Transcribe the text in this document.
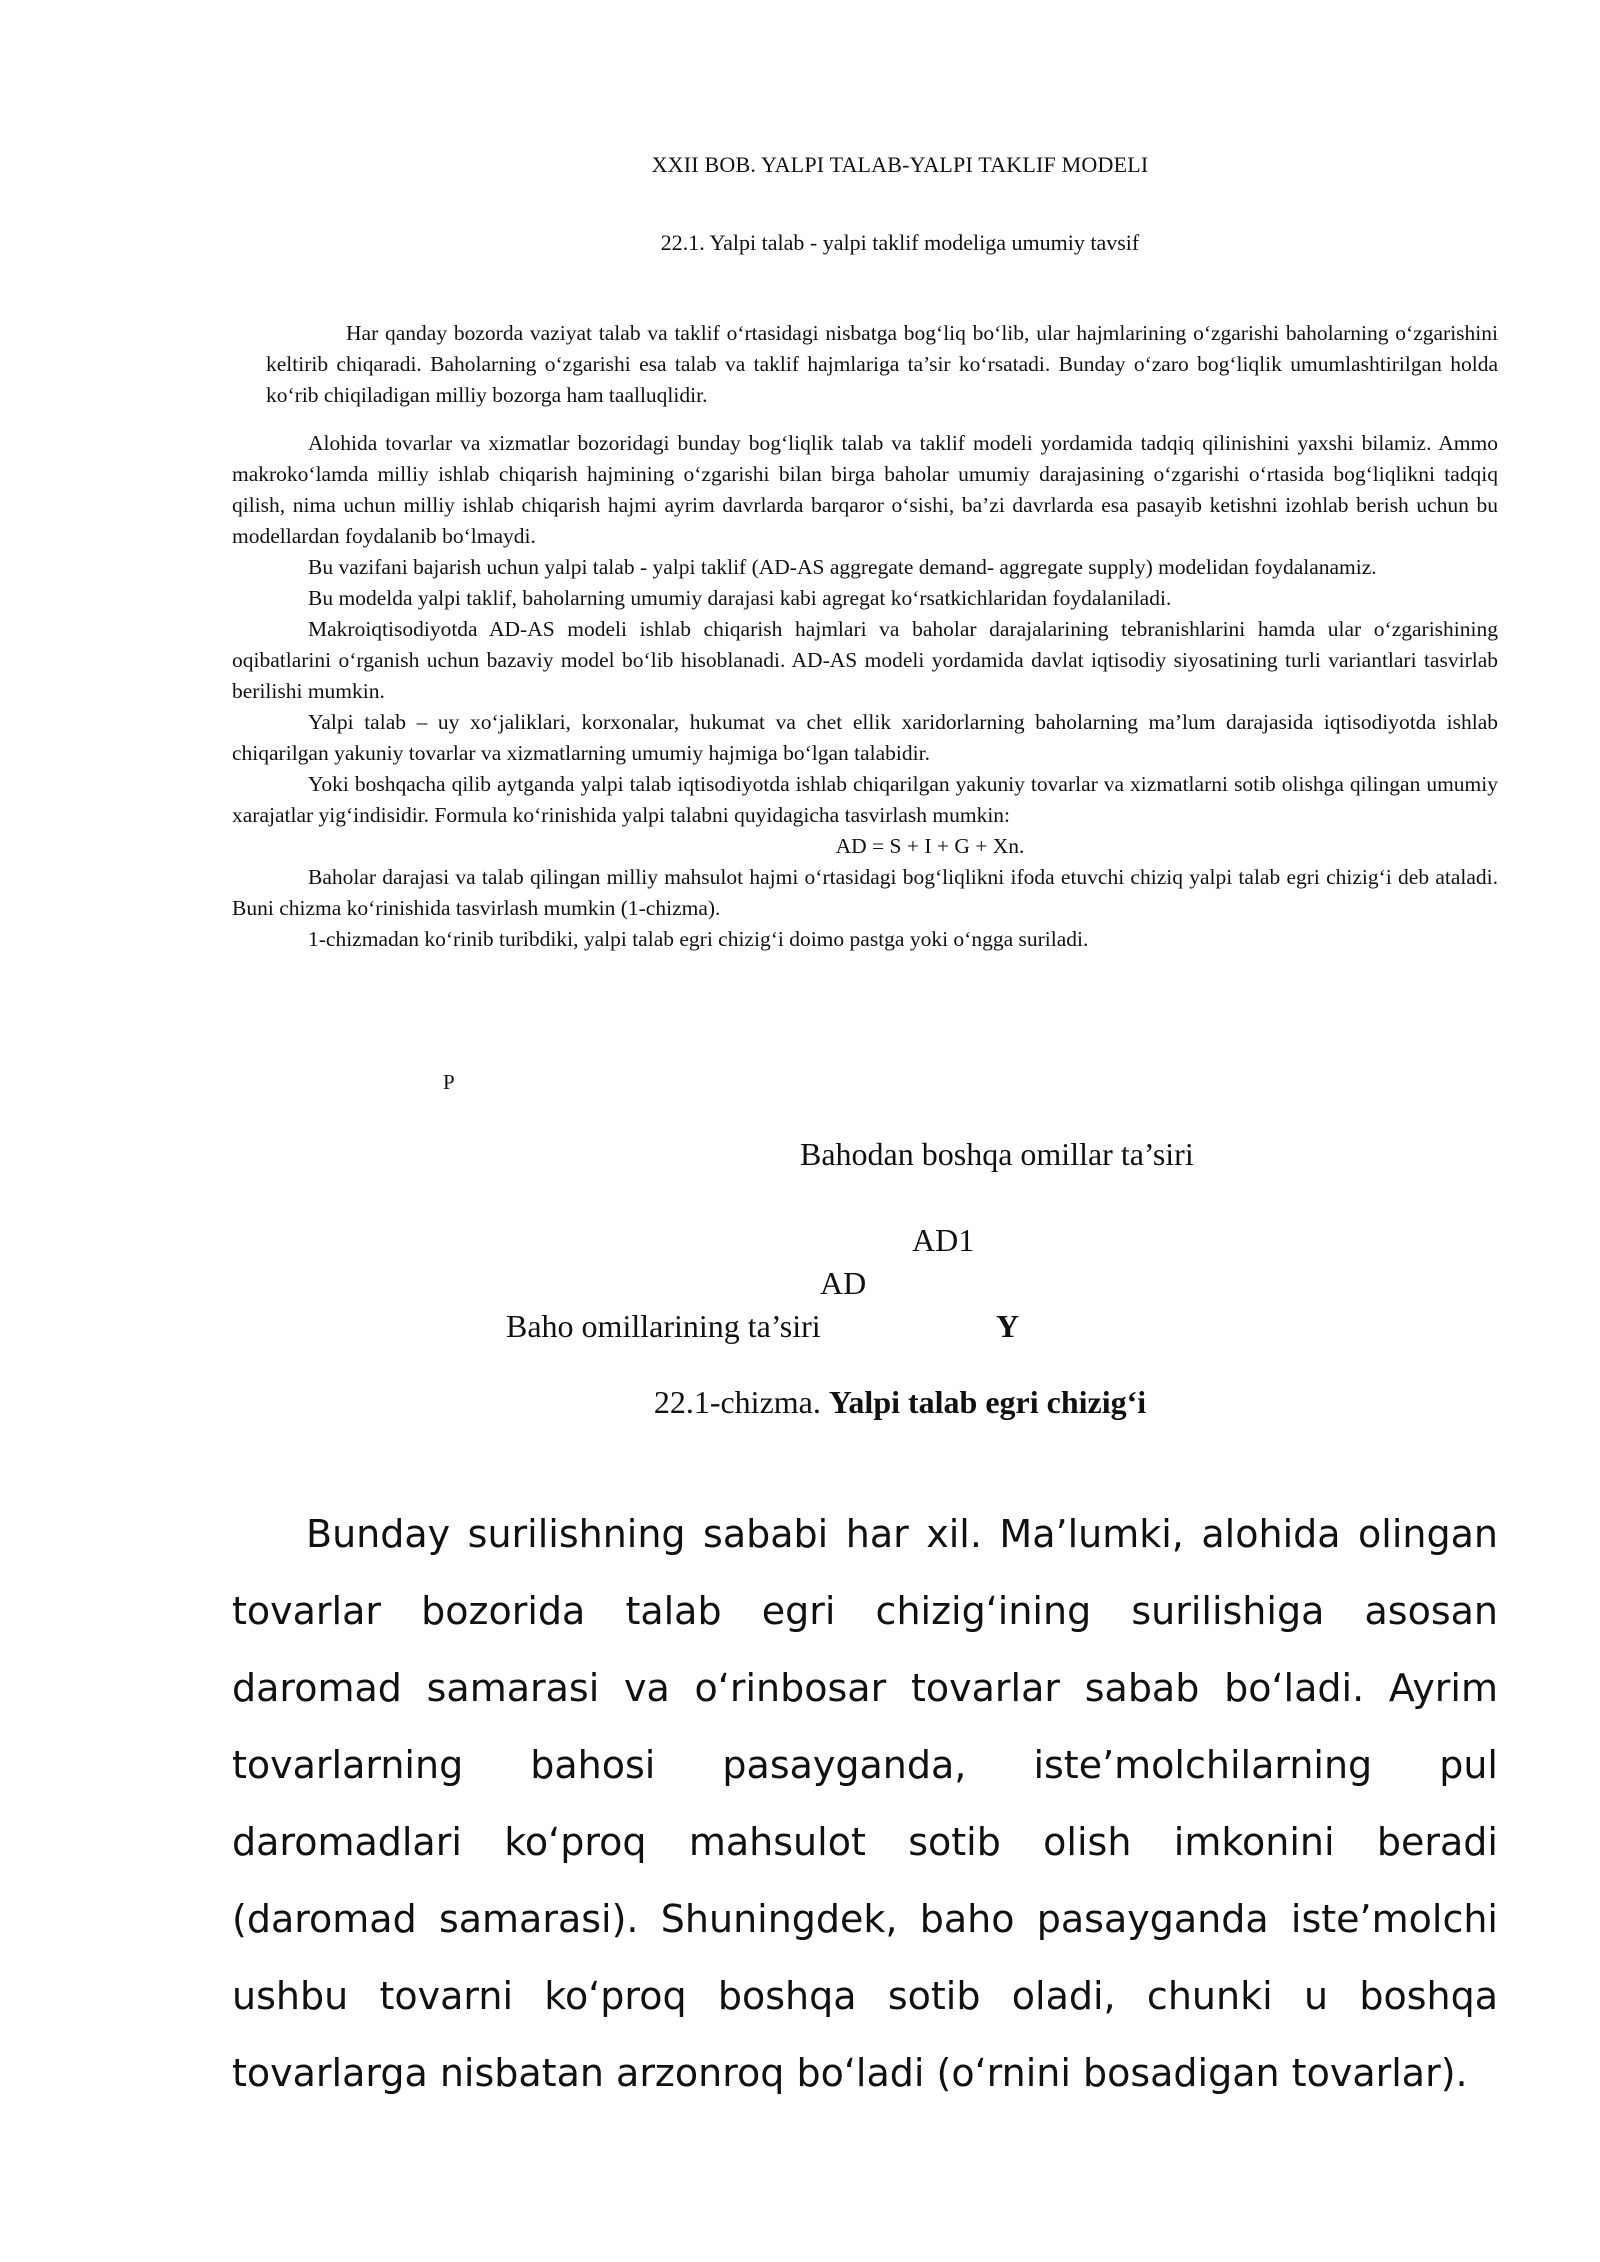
XXII BOB. YALPI TALAB-YALPI TAKLIF MODELI
22.1. Yalpi talab - yalpi taklif modeliga umumiy tavsif

Har qanday bozorda vaziyat talab va taklif o‘rtasidagi nisbatga bog‘liq bo‘lib, ular hajmlarining o‘zgarishi baholarning o‘zgarishini keltirib chiqaradi. Baholarning o‘zgarishi esa talab va taklif hajmlariga ta’sir ko‘rsatadi. Bunday o‘zaro bog‘liqlik umumlashtirilgan holda ko‘rib chiqiladigan milliy bozorga ham taalluqlidir.

Alohida tovarlar va xizmatlar bozoridagi bunday bog‘liqlik talab va taklif modeli yordamida tadqiq qilinishini yaxshi bilamiz. Ammo makroko‘lamda milliy ishlab chiqarish hajmining o‘zgarishi bilan birga baholar umumiy darajasining o‘zgarishi o‘rtasida bog‘liqlikni tadqiq qilish, nima uchun milliy ishlab chiqarish hajmi ayrim davrlarda barqaror o‘sishi, ba’zi davrlarda esa pasayib ketishni izohlab berish uchun bu modellardan foydalanib bo‘lmaydi.

Bu vazifani bajarish uchun yalpi talab - yalpi taklif (AD-AS aggregate demand- aggregate supply) modelidan foydalanamiz.

Bu modelda yalpi taklif, baholarning umumiy darajasi kabi agregat ko‘rsatkichlaridan foydalaniladi.

Makroiqtisodiyotda AD-AS modeli ishlab chiqarish hajmlari va baholar darajalarining tebranishlarini hamda ular o‘zgarishining oqibatlarini o‘rganish uchun bazaviy model bo‘lib hisoblanadi. AD-AS modeli yordamida davlat iqtisodiy siyosatining turli variantlari tasvirlab berilishi mumkin.

Yalpi talab – uy xo‘jaliklari, korxonalar, hukumat va chet ellik xaridorlarning baholarning ma’lum darajasida iqtisodiyotda ishlab chiqarilgan yakuniy tovarlar va xizmatlarning umumiy hajmiga bo‘lgan talabidir.

Yoki boshqacha qilib aytganda yalpi talab iqtisodiyotda ishlab chiqarilgan yakuniy tovarlar va xizmatlarni sotib olishga qilingan umumiy xarajatlar yig‘indisidir. Formula ko‘rinishida yalpi talabni quyidagicha tasvirlash mumkin:

AD = S + I + G + Xn.

Baholar darajasi va talab qilingan milliy mahsulot hajmi o‘rtasidagi bog‘liqlikni ifoda etuvchi chiziq yalpi talab egri chizig‘i deb ataladi. Buni chizma ko‘rinishida tasvirlash mumkin (1-chizma).

1-chizmadan ko‘rinib turibdiki, yalpi talab egri chizig‘i doimo pastga yoki o‘ngga suriladi.

P
Bahodan boshqa omillar ta’siri
AD1
AD
Baho omillarining ta’siri	Y
22.1-chizma. Yalpi talab egri chizig‘i

Bunday surilishning sababi har xil. Ma’lumki, alohida olingan tovarlar bozorida talab egri chizig‘ining surilishiga asosan daromad samarasi va o‘rinbosar tovarlar sabab bo‘ladi. Ayrim tovarlarning bahosi pasayganda, iste’molchilarning pul daromadlari ko‘proq mahsulot sotib olish imkonini beradi (daromad samarasi). Shuningdek, baho pasayganda iste’molchi ushbu tovarni ko‘proq boshqa sotib oladi, chunki u boshqa tovarlarga nisbatan arzonroq bo‘ladi (o‘rnini bosadigan tovarlar).
